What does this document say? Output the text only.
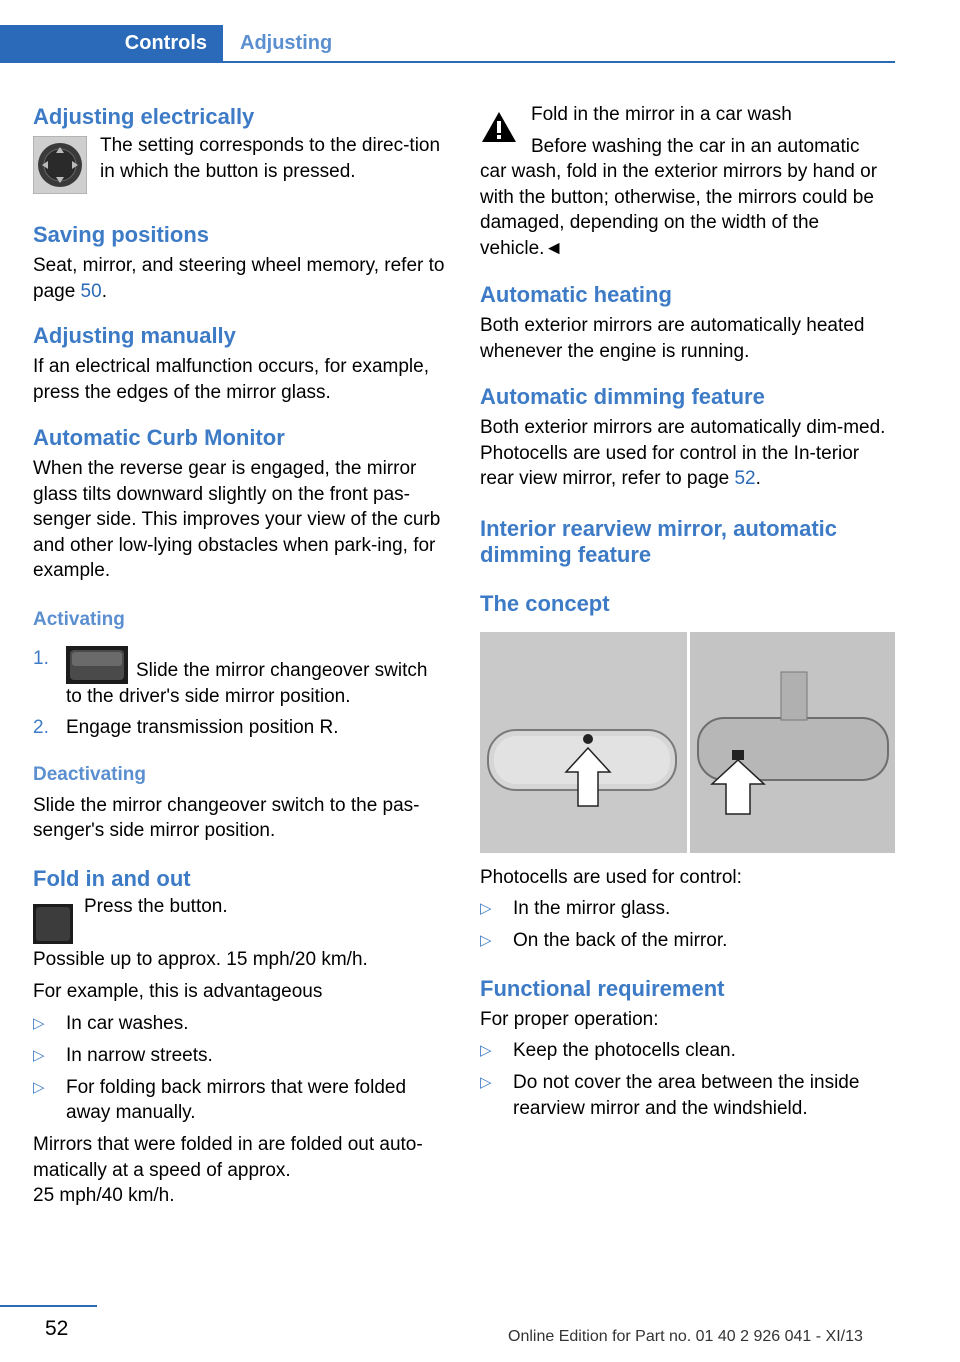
Controls	Adjusting
Adjusting electrically

The setting corresponds to the direc-tion in which the button is pressed.

Saving positions

Seat, mirror, and steering wheel memory, refer to page 50.

Adjusting manually

If an electrical malfunction occurs, for example, press the edges of the mirror glass.

Automatic Curb Monitor

When the reverse gear is engaged, the mirror glass tilts downward slightly on the front pas-senger side. This improves your view of the curb and other low-lying obstacles when park-ing, for example.

Activating
1.
Slide the mirror changeover switch to the driver's side mirror position.
2. Engage transmission position R.
Deactivating

Slide the mirror changeover switch to the pas-senger's side mirror position.

Fold in and out

Press the button.

Possible up to approx. 15 mph/20 km/h.

For example, this is advantageous

▷ In car washes.
▷ In narrow streets.
▷ For folding back mirrors that were folded away manually.

Mirrors that were folded in are folded out auto-matically at a speed of approx.

25 mph/40 km/h.

Fold in the mirror in a car wash

Before washing the car in an automatic

car wash, fold in the exterior mirrors by hand or with the button; otherwise, the mirrors could be damaged, depending on the width of the vehicle.◄

Automatic heating

Both exterior mirrors are automatically heated whenever the engine is running.

Automatic dimming feature

Both exterior mirrors are automatically dim-med. Photocells are used for control in the In-terior rear view mirror, refer to page 52.

Interior rearview mirror, automatic dimming feature
The concept

Photocells are used for control:

▷ In the mirror glass.
▷ On the back of the mirror.
Functional requirement

For proper operation:

▷ Keep the photocells clean.
▷ Do not cover the area between the inside rearview mirror and the windshield.
52	Online Edition for Part no. 01 40 2 926 041 - XI/13
